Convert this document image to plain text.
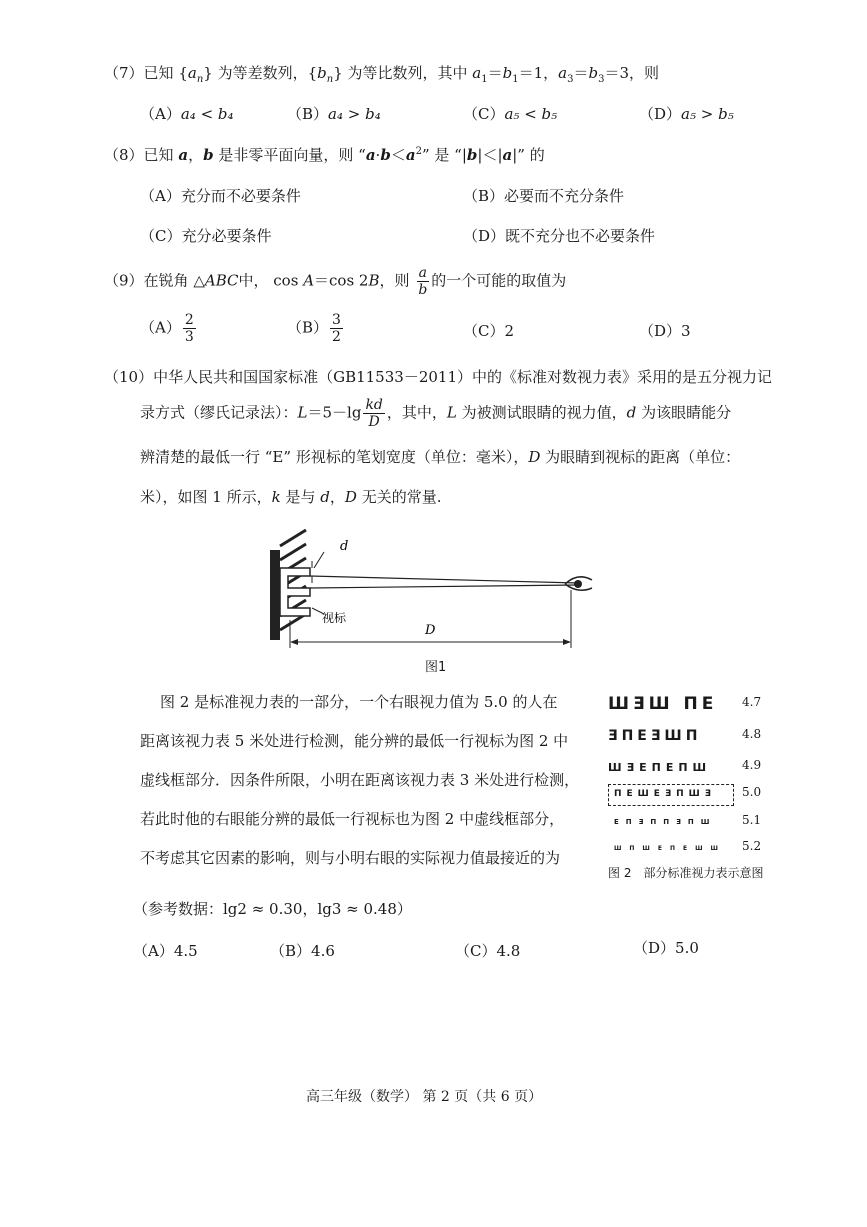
（7）已知 $\{a_n\}$ 为等差数列，$\{b_n\}$ 为等比数列，其中 $a_1=b_1=1$，$a_3=b_3=3$，则
（A）a₄ < b₄	（B）a₄ > b₄	（C）a₅ < b₅	（D）a₅ > b₅
（8）已知 a，b 是非零平面向量，则 “$a\cdot b<a^2$” 是 “|b|＜|a|” 的
（A）充分而不必要条件	（B）必要而不充分条件
（C）充分必要条件	（D）既不充分也不必要条件
（9）在锐角 △ABC中， cos A＝cos 2B，则 $\frac{a}{b}$ 的一个可能的取值为
$(A) \frac{2}{3}$	$(B) \frac{3}{2}$	（C）2	（D）3
（10）中华人民共和国国家标准（GB11533－2011）中的《标准对数视力表》采用的是五分视力记
录方式（缪氏记录法）：$L=5-\lg \frac{kd}{D}$ ，其中，L 为被测试眼睛的视力值，d 为该眼睛能分
辨清楚的最低一行 “E” 形视标的笔划宽度（单位：毫米），D 为眼睛到视标的距离（单位：
米），如图 1 所示，k 是与 d，D 无关的常量.
d
视标
D
图1
图 2 是标准视力表的一部分，一个右眼视力值为 5.0 的人在
距离该视力表 5 米处进行检测，能分辨的最低一行视标为图 2 中
虚线框部分．因条件所限，小明在距离该视力表 3 米处进行检测，
若此时他的右眼能分辨的最低一行视标也为图 2 中虚线框部分，
不考虑其它因素的影响，则与小明右眼的实际视力值最接近的为
（参考数据：lg2 ≈ 0.30，lg3 ≈ 0.48）
ШƎШ ΠE 4.7
ƎΠEƎШΠ	4.8
ШƎEΠEΠШ	4.9
ΠEШEƎΠШƎ 5.0
EΠƎΠΠƎΠШ 5.1
ШΠШEΠEШШ 5.2
图 2　部分标准视力表示意图
（A）4.5	（B）4.6	（C）4.8	（D）5.0
高三年级（数学） 第 2 页（共 6 页）
